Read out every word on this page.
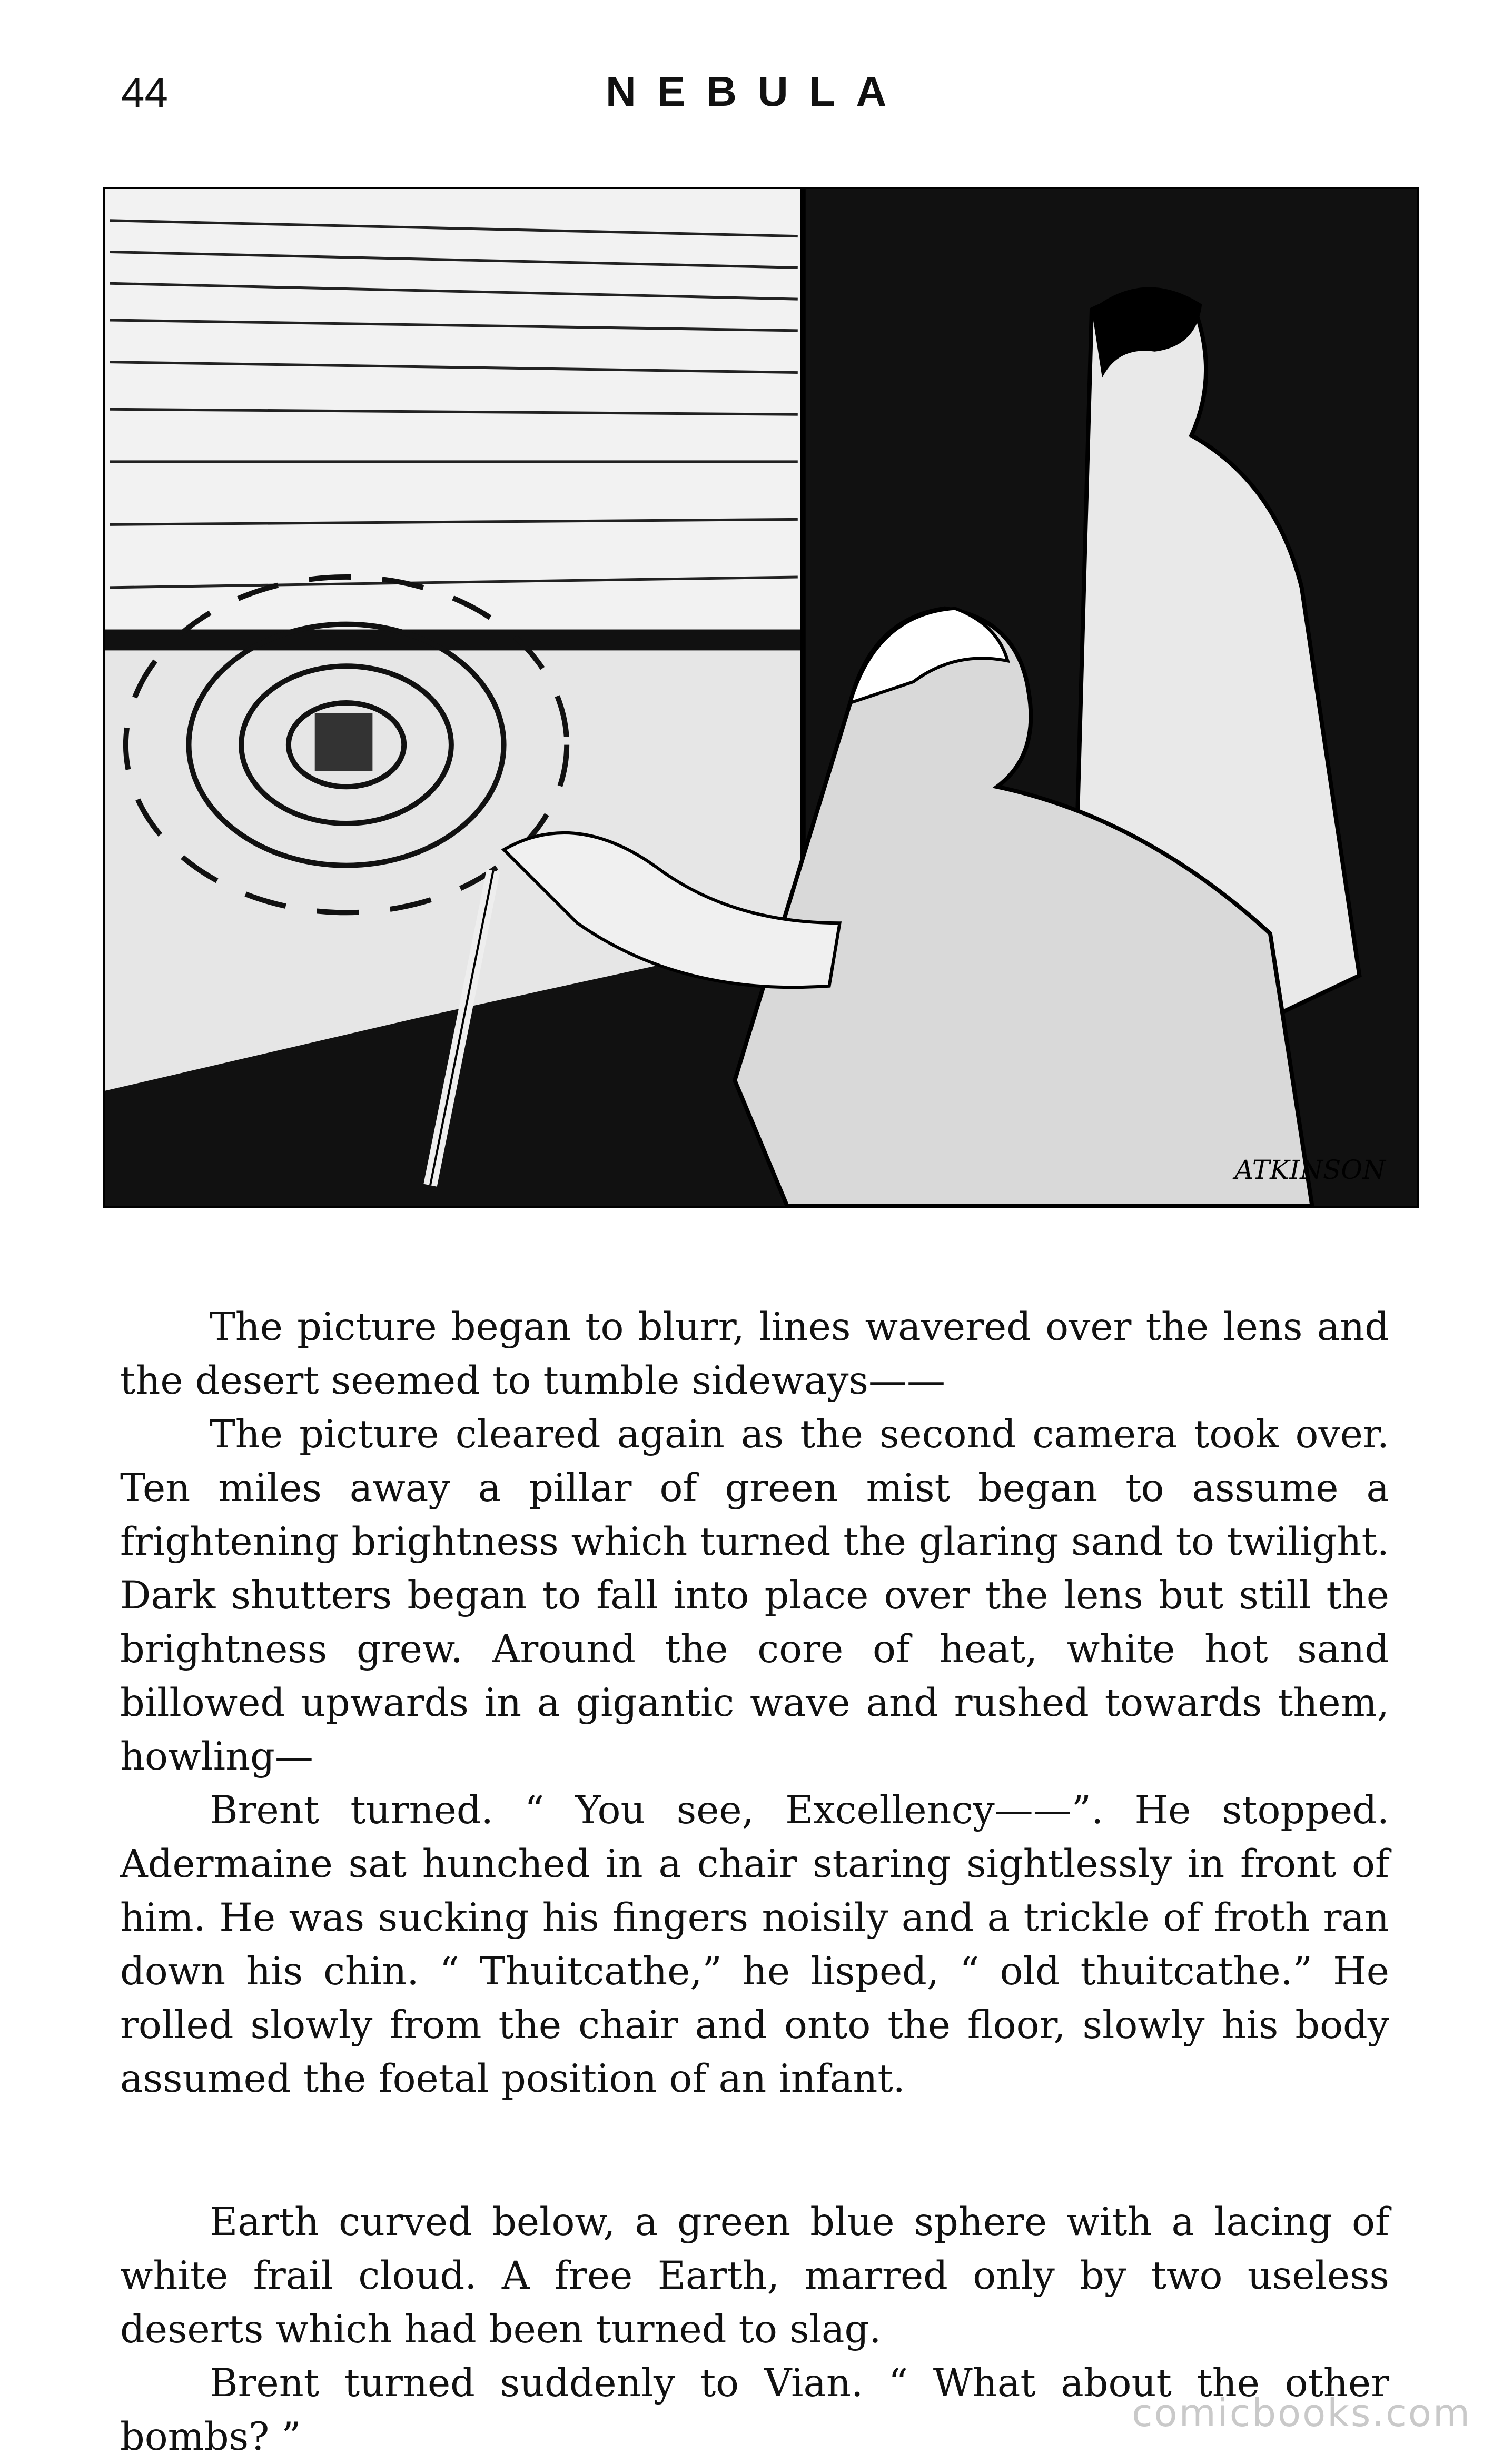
44	NEBULA
ATKINSON

The picture began to blurr, lines wavered over the lens and the desert seemed to tumble sideways——

The picture cleared again as the second camera took over. Ten miles away a pillar of green mist began to assume a frightening brightness which turned the glaring sand to twilight. Dark shutters began to fall into place over the lens but still the brightness grew. Around the core of heat, white hot sand billowed upwards in a gigantic wave and rushed towards them, howling—

Brent turned. “ You see, Excellency——”. He stopped. Adermaine sat hunched in a chair staring sightlessly in front of him. He was sucking his fingers noisily and a trickle of froth ran down his chin. “ Thuitcathe,” he lisped, “ old thuitcathe.” He rolled slowly from the chair and onto the floor, slowly his body assumed the foetal position of an infant.

Earth curved below, a green blue sphere with a lacing of white frail cloud. A free Earth, marred only by two useless deserts which had been turned to slag.

Brent turned suddenly to Vian. “ What about the other bombs? ”

comicbooks.com
